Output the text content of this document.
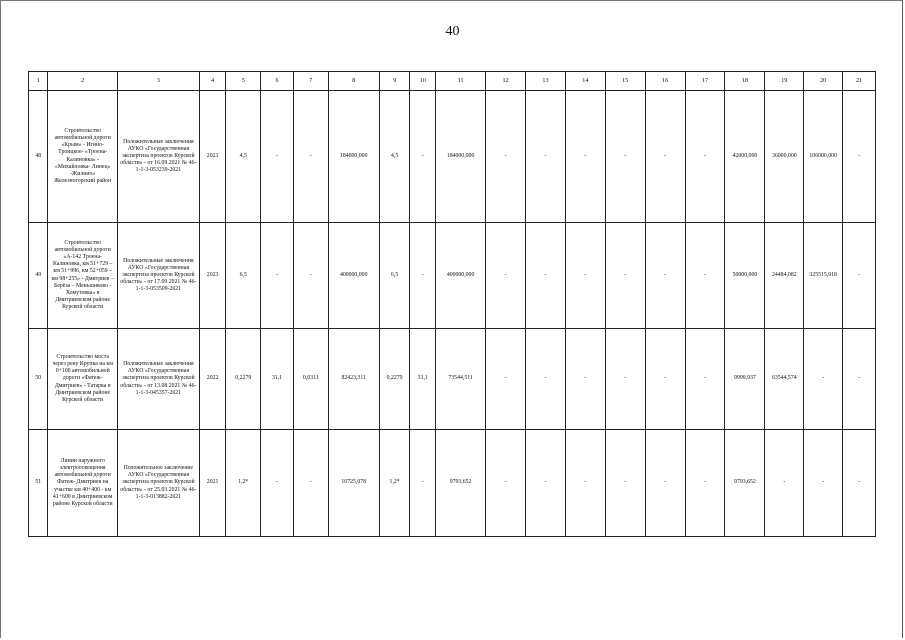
40
1	2	3	4	5	6	7	8	9	10	11	12	13	14	15	16	17	18	19	20	21
48	Строительство автомобильной дороги «Крым» - Игино-Троицкое- «Троена- Калиновка» - «Михайловка- Линец» -Жилино» Железногорский район	Положительные заключения АУКО «Государственная экспертиза проектов Курской области» - от 16.09.2021 № 46-1-1-3-053239-2021	2023	4,5	-	-	184000,000	4,5	-	184000,000	-	-	-	-	-	-	42000,000	36000,000	106000,000	-
49	Строительство автомобильной дороги «А-142 Троена- Калиновка, км 51+729 – км 51+996, км 52+059 – км 98+255» - Дмитриев – Берёза – Меньшиково - Хомутовка» в Дмитриевском районе Курской области	Положительные заключения АУКО «Государственная экспертиза проектов Курской области» - от 17.09.2021 № 46-1-1-3-053509-2021	2023	6,5	-	-	400000,000	6,5	-	400000,000	-	-	-	-	-	-	50000,000	24484,082	325515,918	-
50	Строительство моста через реку Крупка на км 0+100 автомобильной дороги «Фатеж- Дмитриев» - Татарка в Дмитриевском районе Курской области	Положительные заключения АУКО «Государственная экспертиза проектов Курской области» - от 13.08.2021 № 46-1-1-3-045357-2021	2022	0,2279	31,1	0,0311	82423,311	0,2279	31,1	73544,511	-	-	-	-	-	-	9999,937	63544,574	-	-
51	Линии наружного электроосвещения автомобильной дороги Фатеж- Дмитриев на участке км 40+400 - км 41+600 в Дмитриевском районе Курской области	Положительное заключение АУКО «Государственная экспертиза проектов Курской области» - от 25.03.2021 № 46-1-1-3-013882-2021	2021	1,2*	-	-	10725,078	1,2*	-	9793,652	-	-	-	-	-	-	9793,652	-	-	-
